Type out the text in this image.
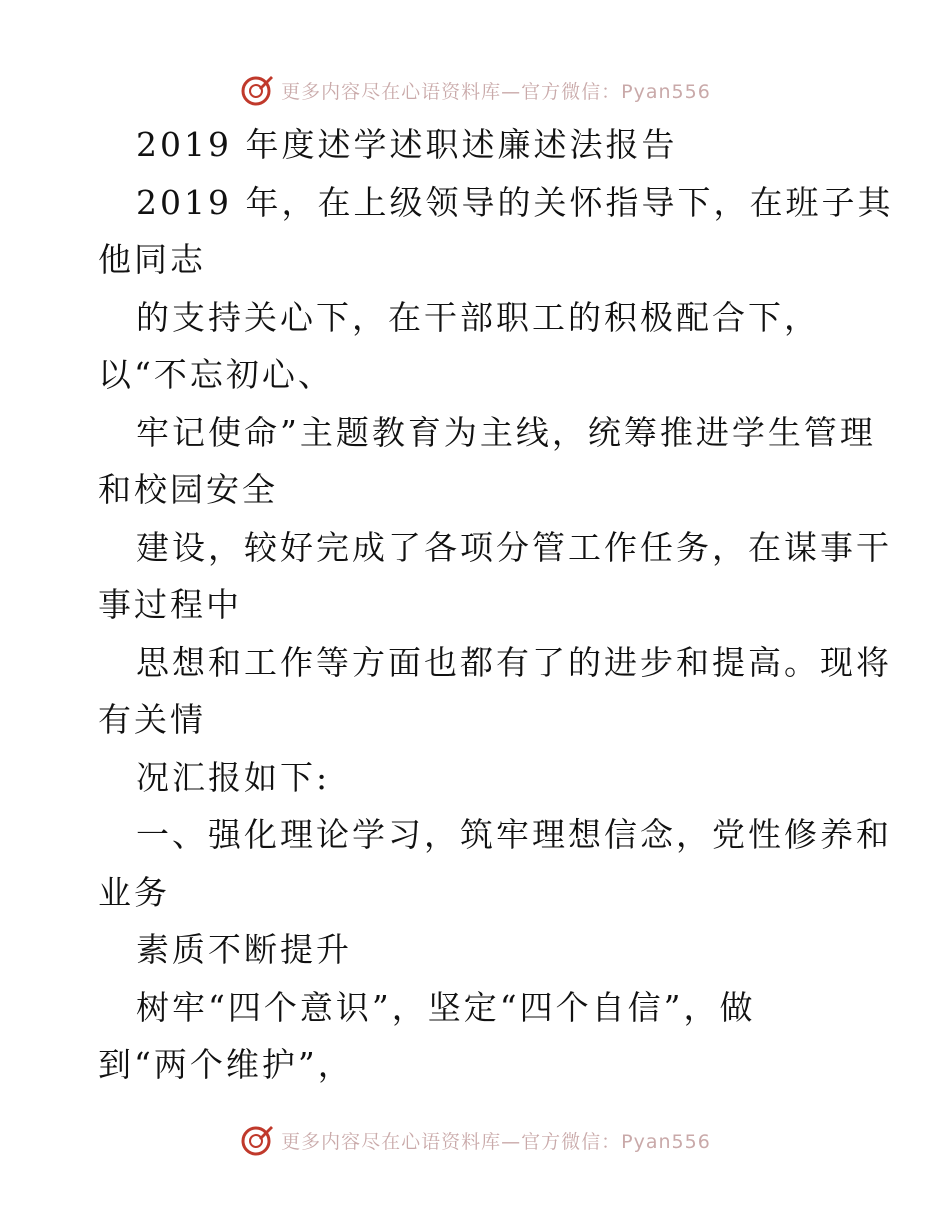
更多内容尽在心语资料库—官方微信：Pyan556
2019 年度述学述职述廉述法报告
2019 年，在上级领导的关怀指导下，在班子其
他同志
的支持关心下，在干部职工的积极配合下，
以“不忘初心、
牢记使命”主题教育为主线，统筹推进学生管理
和校园安全
建设，较好完成了各项分管工作任务，在谋事干
事过程中
思想和工作等方面也都有了的进步和提高。现将
有关情
况汇报如下:
一、强化理论学习，筑牢理想信念，党性修养和
业务
素质不断提升
树牢“四个意识”，坚定“四个自信”，做
到“两个维护”，
更多内容尽在心语资料库—官方微信：Pyan556
